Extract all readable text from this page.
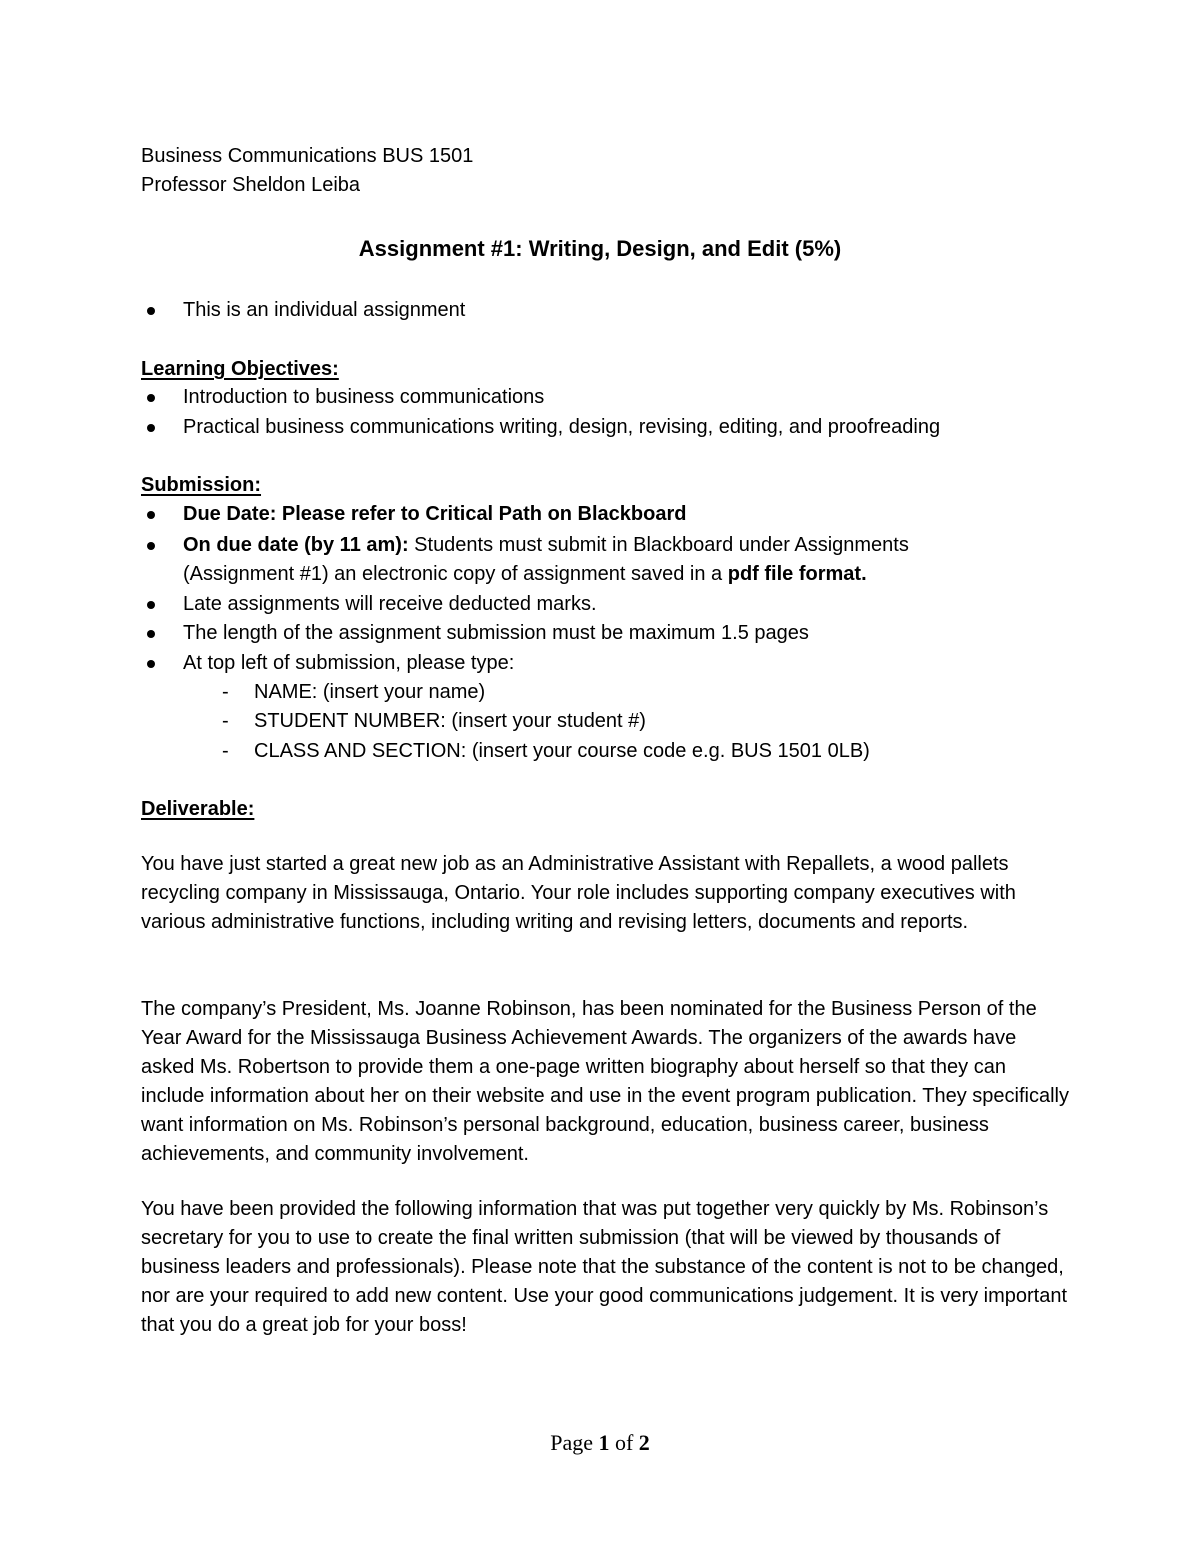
Business Communications BUS 1501
Professor Sheldon Leiba
Assignment #1: Writing, Design, and Edit (5%)
This is an individual assignment
Learning Objectives:
Introduction to business communications
Practical business communications writing, design, revising, editing, and proofreading
Submission:
Due Date: Please refer to Critical Path on Blackboard
On due date (by 11 am): Students must submit in Blackboard under Assignments
(Assignment #1) an electronic copy of assignment saved in a pdf file format.
Late assignments will receive deducted marks.
The length of the assignment submission must be maximum 1.5 pages
At top left of submission, please type:
- NAME: (insert your name)
- STUDENT NUMBER: (insert your student #)
- CLASS AND SECTION: (insert your course code e.g. BUS 1501 0LB)
Deliverable:

You have just started a great new job as an Administrative Assistant with Repallets, a wood pallets recycling company in Mississauga, Ontario. Your role includes supporting company executives with various administrative functions, including writing and revising letters, documents and reports.

The company’s President, Ms. Joanne Robinson, has been nominated for the Business Person of the Year Award for the Mississauga Business Achievement Awards. The organizers of the awards have asked Ms. Robertson to provide them a one-page written biography about herself so that they can include information about her on their website and use in the event program publication. They specifically want information on Ms. Robinson’s personal background, education, business career, business achievements, and community involvement.

You have been provided the following information that was put together very quickly by Ms. Robinson’s secretary for you to use to create the final written submission (that will be viewed by thousands of business leaders and professionals). Please note that the substance of the content is not to be changed, nor are your required to add new content. Use your good communications judgement. It is very important that you do a great job for your boss!

Page 1 of 2
